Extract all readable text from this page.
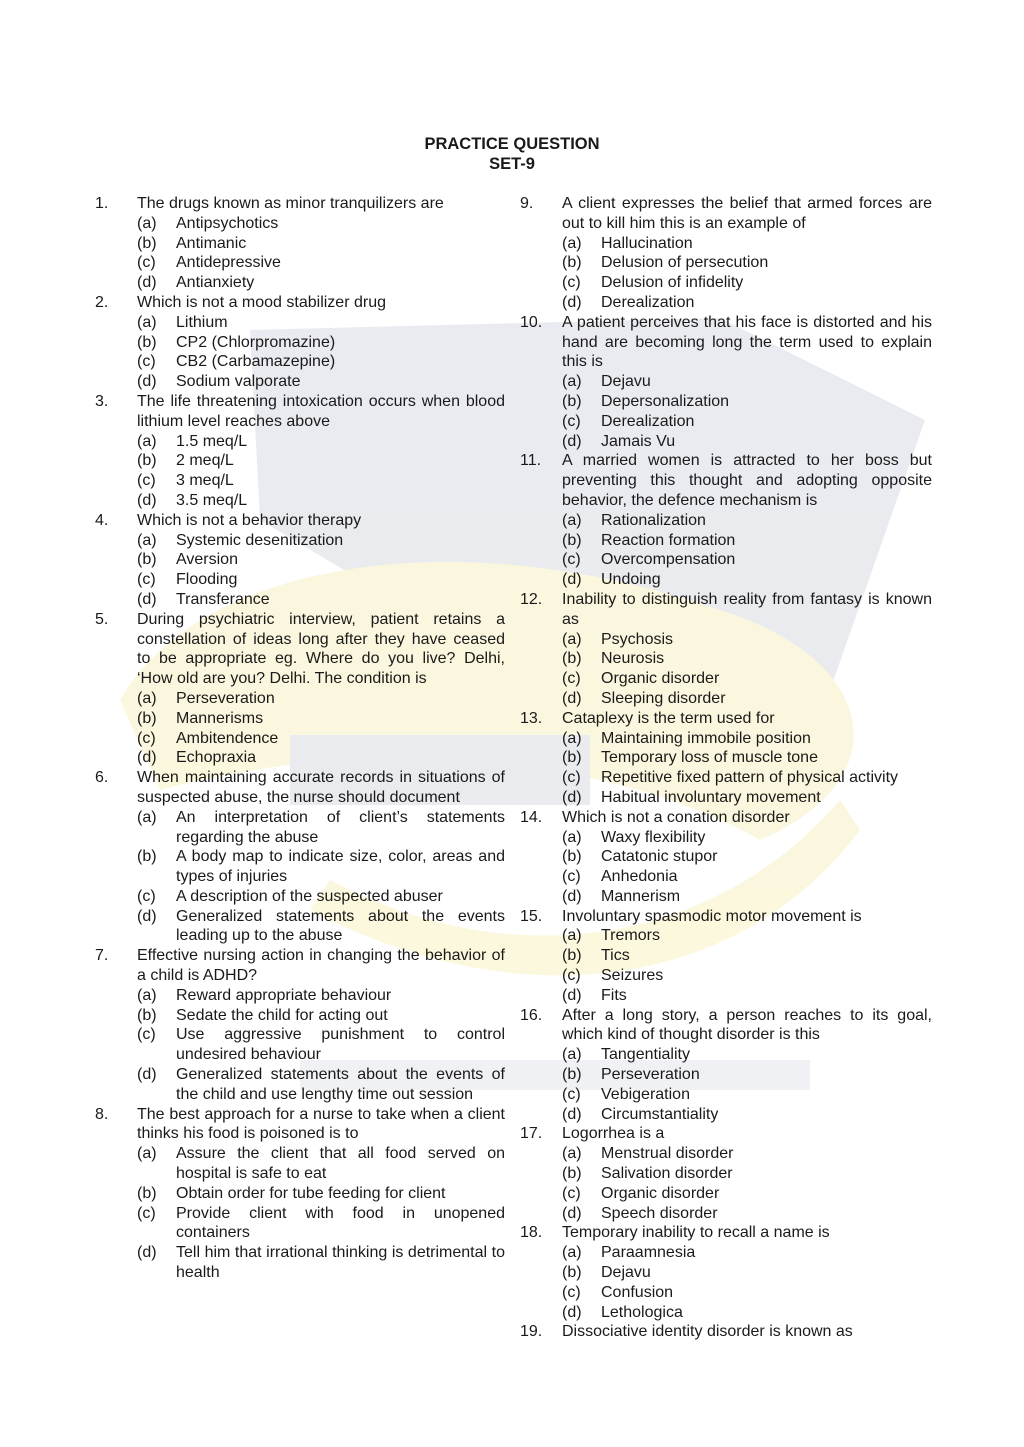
PRACTICE QUESTION
SET-9
1.	The drugs known as minor tranquilizers are
(a)	Antipsychotics
(b)	Antimanic
(c)	Antidepressive
(d)	Antianxiety
2.	Which is not a mood stabilizer drug
(a)	Lithium
(b)	CP2 (Chlorpromazine)
(c)	CB2 (Carbamazepine)
(d)	Sodium valporate
3.	The life threatening intoxication occurs when blood lithium level reaches above
(a)	1.5 meq/L
(b)	2 meq/L
(c)	3 meq/L
(d)	3.5 meq/L
4.	Which is not a behavior therapy
(a)	Systemic desenitization
(b)	Aversion
(c)	Flooding
(d)	Transferance
5.	During psychiatric interview, patient retains a constellation of ideas long after they have ceased to be appropriate eg. Where do you live? Delhi, ‘How old are you? Delhi. The condition is
(a)	Perseveration
(b)	Mannerisms
(c)	Ambitendence
(d)	Echopraxia
6.	When maintaining accurate records in situations of suspected abuse, the nurse should document
(a)	An interpretation of client’s statements regarding the abuse
(b)	A body map to indicate size, color, areas and types of injuries
(c)	A description of the suspected abuser
(d)	Generalized statements about the events leading up to the abuse
7.	Effective nursing action in changing the behavior of a child is ADHD?
(a)	Reward appropriate behaviour
(b)	Sedate the child for acting out
(c)	Use aggressive punishment to control undesired behaviour
(d)	Generalized statements about the events of the child and use lengthy time out session
8.	The best approach for a nurse to take when a client thinks his food is poisoned is to
(a)	Assure the client that all food served on hospital is safe to eat
(b)	Obtain order for tube feeding for client
(c)	Provide client with food in unopened containers
(d)	Tell him that irrational thinking is detrimental to health
9.	A client expresses the belief that armed forces are out to kill him this is an example of
(a)	Hallucination
(b)	Delusion of persecution
(c)	Delusion of infidelity
(d)	Derealization
10.	A patient perceives that his face is distorted and his hand are becoming long the term used to explain this is
(a)	Dejavu
(b)	Depersonalization
(c)	Derealization
(d)	Jamais Vu
11.	A married women is attracted to her boss but preventing this thought and adopting opposite behavior, the defence mechanism is
(a)	Rationalization
(b)	Reaction formation
(c)	Overcompensation
(d)	Undoing
12.	Inability to distinguish reality from fantasy is known as
(a)	Psychosis
(b)	Neurosis
(c)	Organic disorder
(d)	Sleeping disorder
13.	Cataplexy is the term used for
(a)	Maintaining immobile position
(b)	Temporary loss of muscle tone
(c)	Repetitive fixed pattern of physical activity
(d)	Habitual involuntary movement
14.	Which is not a conation disorder
(a)	Waxy flexibility
(b)	Catatonic stupor
(c)	Anhedonia
(d)	Mannerism
15.	Involuntary spasmodic motor movement is
(a)	Tremors
(b)	Tics
(c)	Seizures
(d)	Fits
16.	After a long story, a person reaches to its goal, which kind of thought disorder is this
(a)	Tangentiality
(b)	Perseveration
(c)	Vebigeration
(d)	Circumstantiality
17.	Logorrhea is a
(a)	Menstrual disorder
(b)	Salivation disorder
(c)	Organic disorder
(d)	Speech disorder
18.	Temporary inability to recall a name is
(a)	Paraamnesia
(b)	Dejavu
(c)	Confusion
(d)	Lethologica
19.	Dissociative identity disorder is known as
